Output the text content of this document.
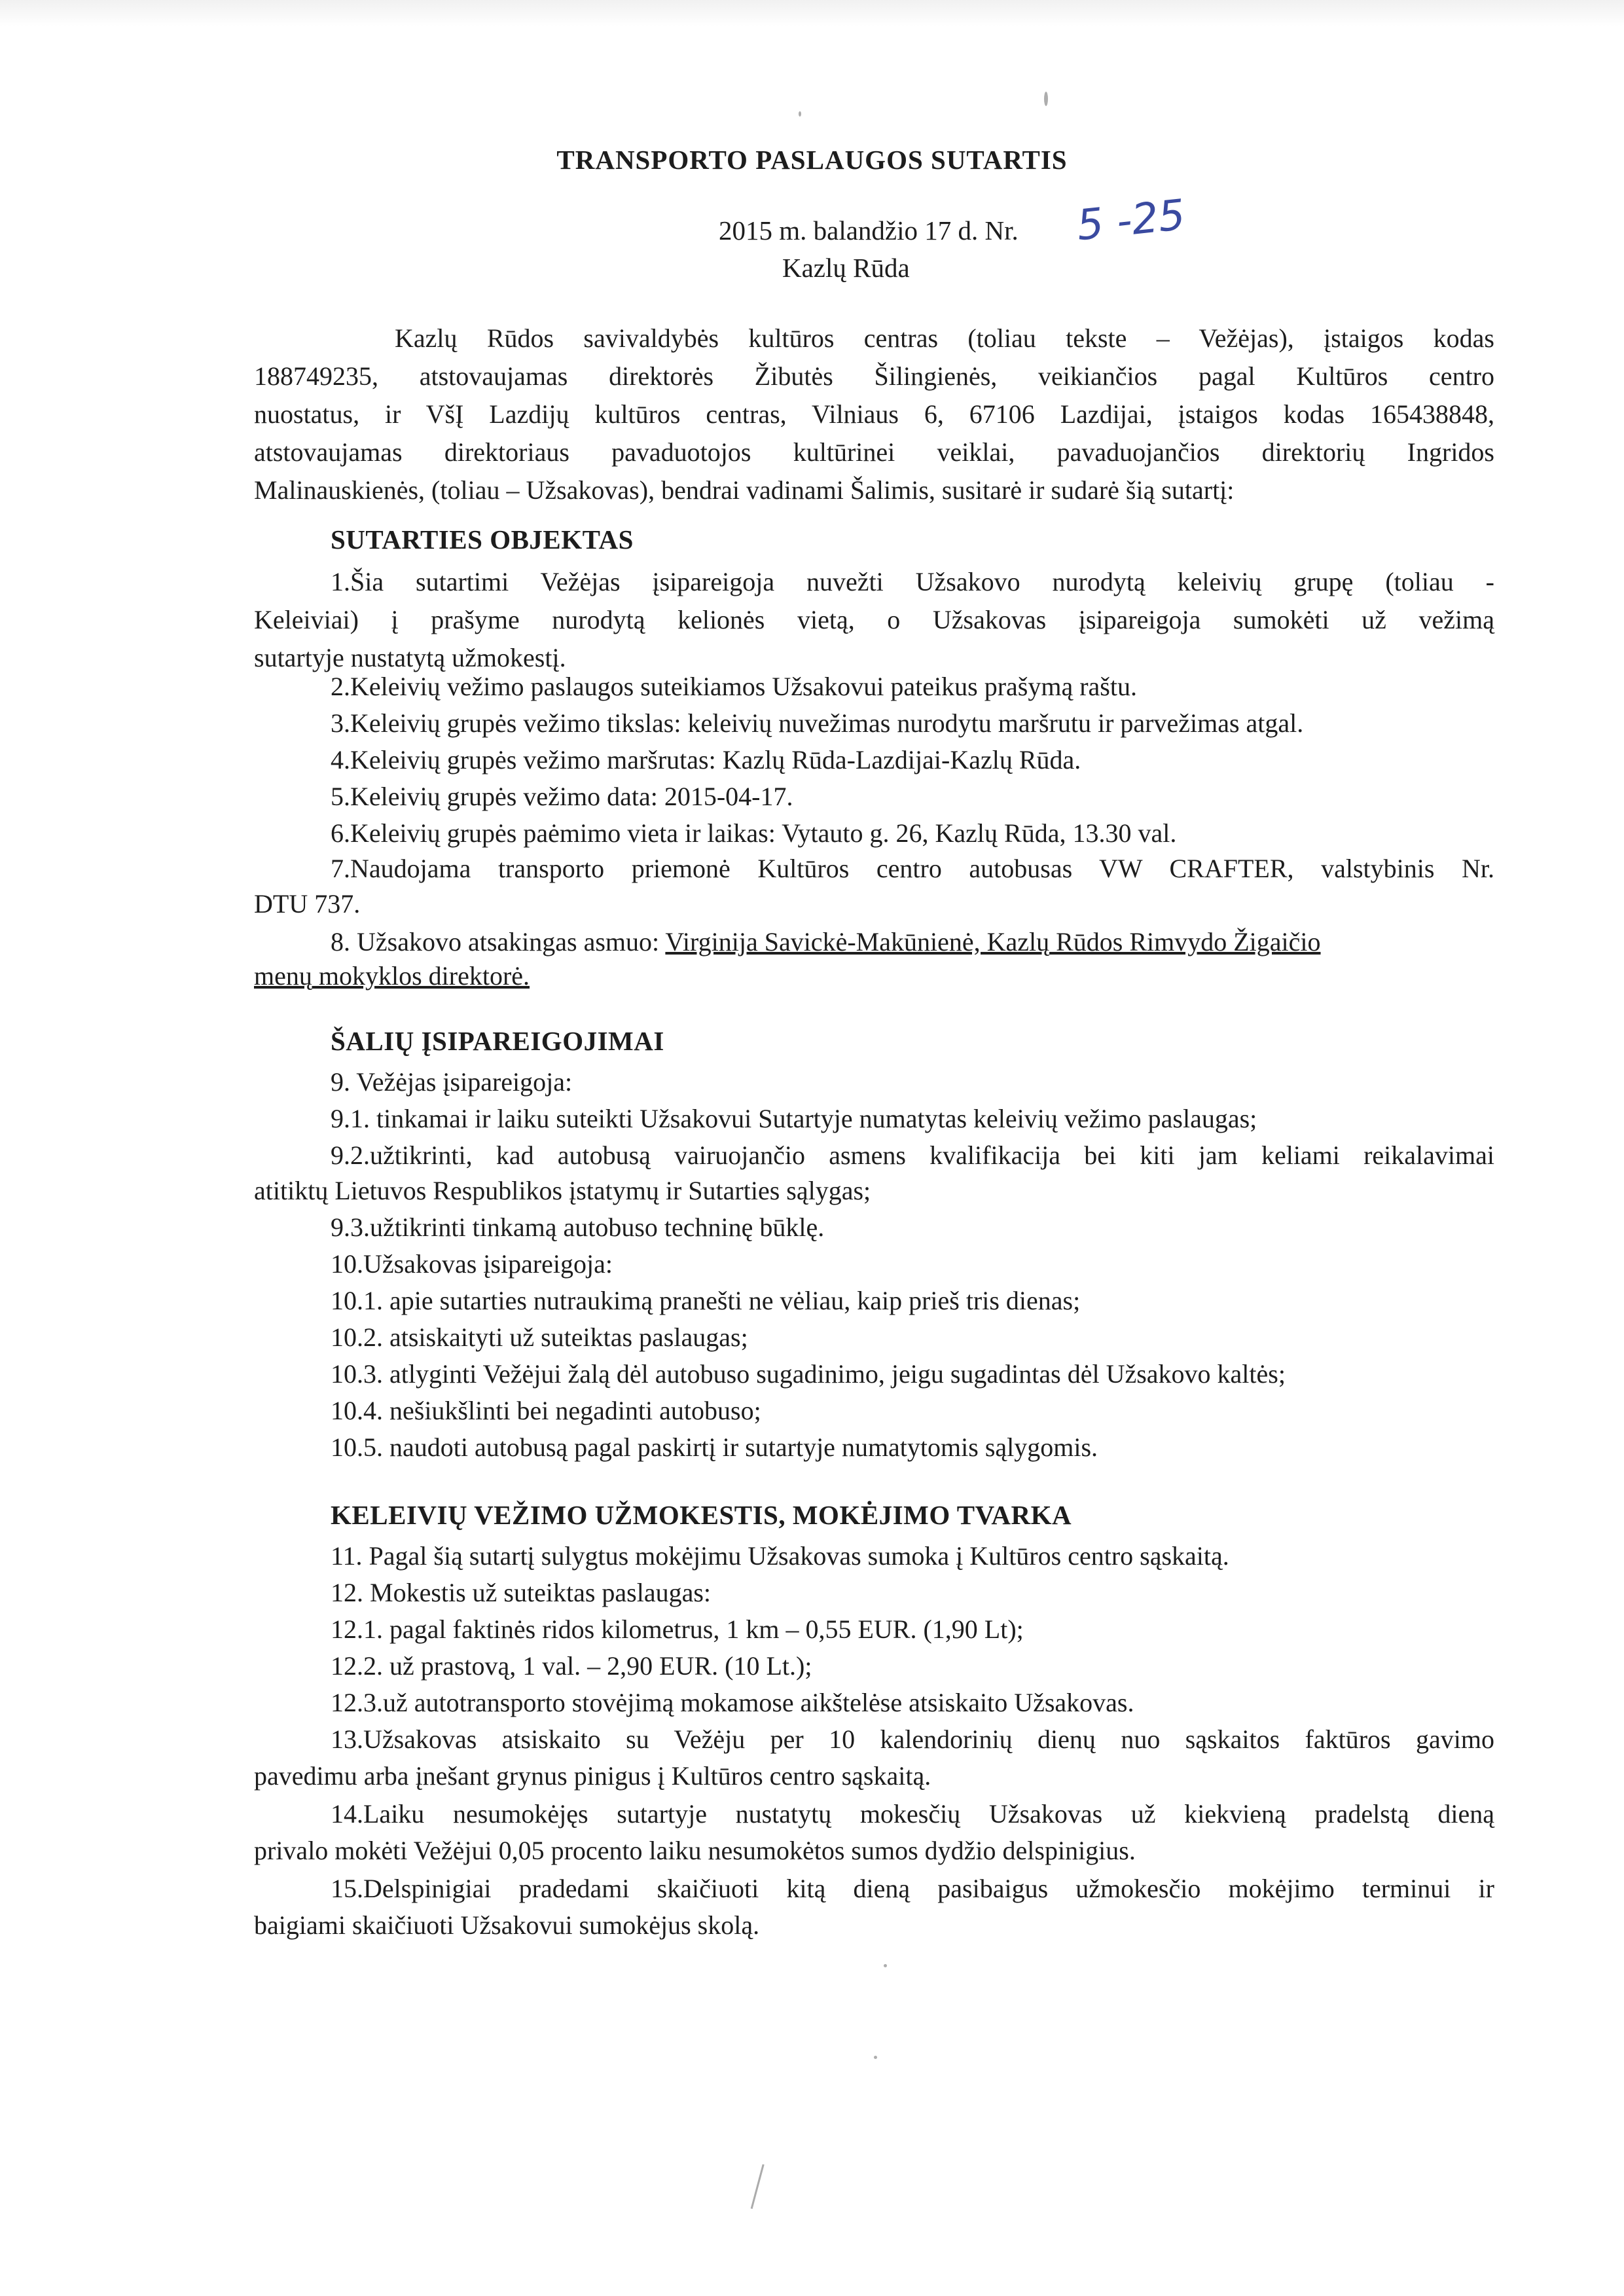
TRANSPORTO PASLAUGOS SUTARTIS
2015 m. balandžio 17 d. Nr. 5 -25
Kazlų Rūda
Kazlų Rūdos savivaldybės kultūros centras (toliau tekste – Vežėjas), įstaigos kodas
188749235, atstovaujamas direktorės Žibutės Šilingienės, veikiančios pagal Kultūros centro
nuostatus, ir VšĮ Lazdijų kultūros centras, Vilniaus 6, 67106 Lazdijai, įstaigos kodas 165438848,
atstovaujamas direktoriaus pavaduotojos kultūrinei veiklai, pavaduojančios direktorių Ingridos
Malinauskienės, (toliau – Užsakovas), bendrai vadinami Šalimis, susitarė ir sudarė šią sutartį:
SUTARTIES OBJEKTAS
1.Šia sutartimi Vežėjas įsipareigoja nuvežti Užsakovo nurodytą keleivių grupę (toliau -
Keleiviai) į prašyme nurodytą kelionės vietą, o Užsakovas įsipareigoja sumokėti už vežimą
sutartyje nustatytą užmokestį.
2.Keleivių vežimo paslaugos suteikiamos Užsakovui pateikus prašymą raštu.
3.Keleivių grupės vežimo tikslas: keleivių nuvežimas nurodytu maršrutu ir parvežimas atgal.
4.Keleivių grupės vežimo maršrutas: Kazlų Rūda-Lazdijai-Kazlų Rūda.
5.Keleivių grupės vežimo data: 2015-04-17.
6.Keleivių grupės paėmimo vieta ir laikas: Vytauto g. 26, Kazlų Rūda, 13.30 val.
7.Naudojama transporto priemonė Kultūros centro autobusas VW CRAFTER, valstybinis Nr.
DTU 737.
8. Užsakovo atsakingas asmuo: Virginija Savickė-Makūnienė, Kazlų Rūdos Rimvydo Žigaičio
menų mokyklos direktorė.
ŠALIŲ ĮSIPAREIGOJIMAI
9. Vežėjas įsipareigoja:
9.1. tinkamai ir laiku suteikti Užsakovui Sutartyje numatytas keleivių vežimo paslaugas;
9.2.užtikrinti, kad autobusą vairuojančio asmens kvalifikacija bei kiti jam keliami reikalavimai
atitiktų Lietuvos Respublikos įstatymų ir Sutarties sąlygas;
9.3.užtikrinti tinkamą autobuso techninę būklę.
10.Užsakovas įsipareigoja:
10.1. apie sutarties nutraukimą pranešti ne vėliau, kaip prieš tris dienas;
10.2. atsiskaityti už suteiktas paslaugas;
10.3. atlyginti Vežėjui žalą dėl autobuso sugadinimo, jeigu sugadintas dėl Užsakovo kaltės;
10.4. nešiukšlinti bei negadinti autobuso;
10.5. naudoti autobusą pagal paskirtį ir sutartyje numatytomis sąlygomis.
KELEIVIŲ VEŽIMO UŽMOKESTIS, MOKĖJIMO TVARKA
11. Pagal šią sutartį sulygtus mokėjimu Užsakovas sumoka į Kultūros centro sąskaitą.
12. Mokestis už suteiktas paslaugas:
12.1. pagal faktinės ridos kilometrus, 1 km – 0,55 EUR. (1,90 Lt);
12.2. už prastovą, 1 val. – 2,90 EUR. (10 Lt.);
12.3.už autotransporto stovėjimą mokamose aikštelėse atsiskaito Užsakovas.
13.Užsakovas atsiskaito su Vežėju per 10 kalendorinių dienų nuo sąskaitos faktūros gavimo
pavedimu arba įnešant grynus pinigus į Kultūros centro sąskaitą.
14.Laiku nesumokėjęs sutartyje nustatytų mokesčių Užsakovas už kiekvieną pradelstą dieną
privalo mokėti Vežėjui 0,05 procento laiku nesumokėtos sumos dydžio delspinigius.
15.Delspinigiai pradedami skaičiuoti kitą dieną pasibaigus užmokesčio mokėjimo terminui ir
baigiami skaičiuoti Užsakovui sumokėjus skolą.
